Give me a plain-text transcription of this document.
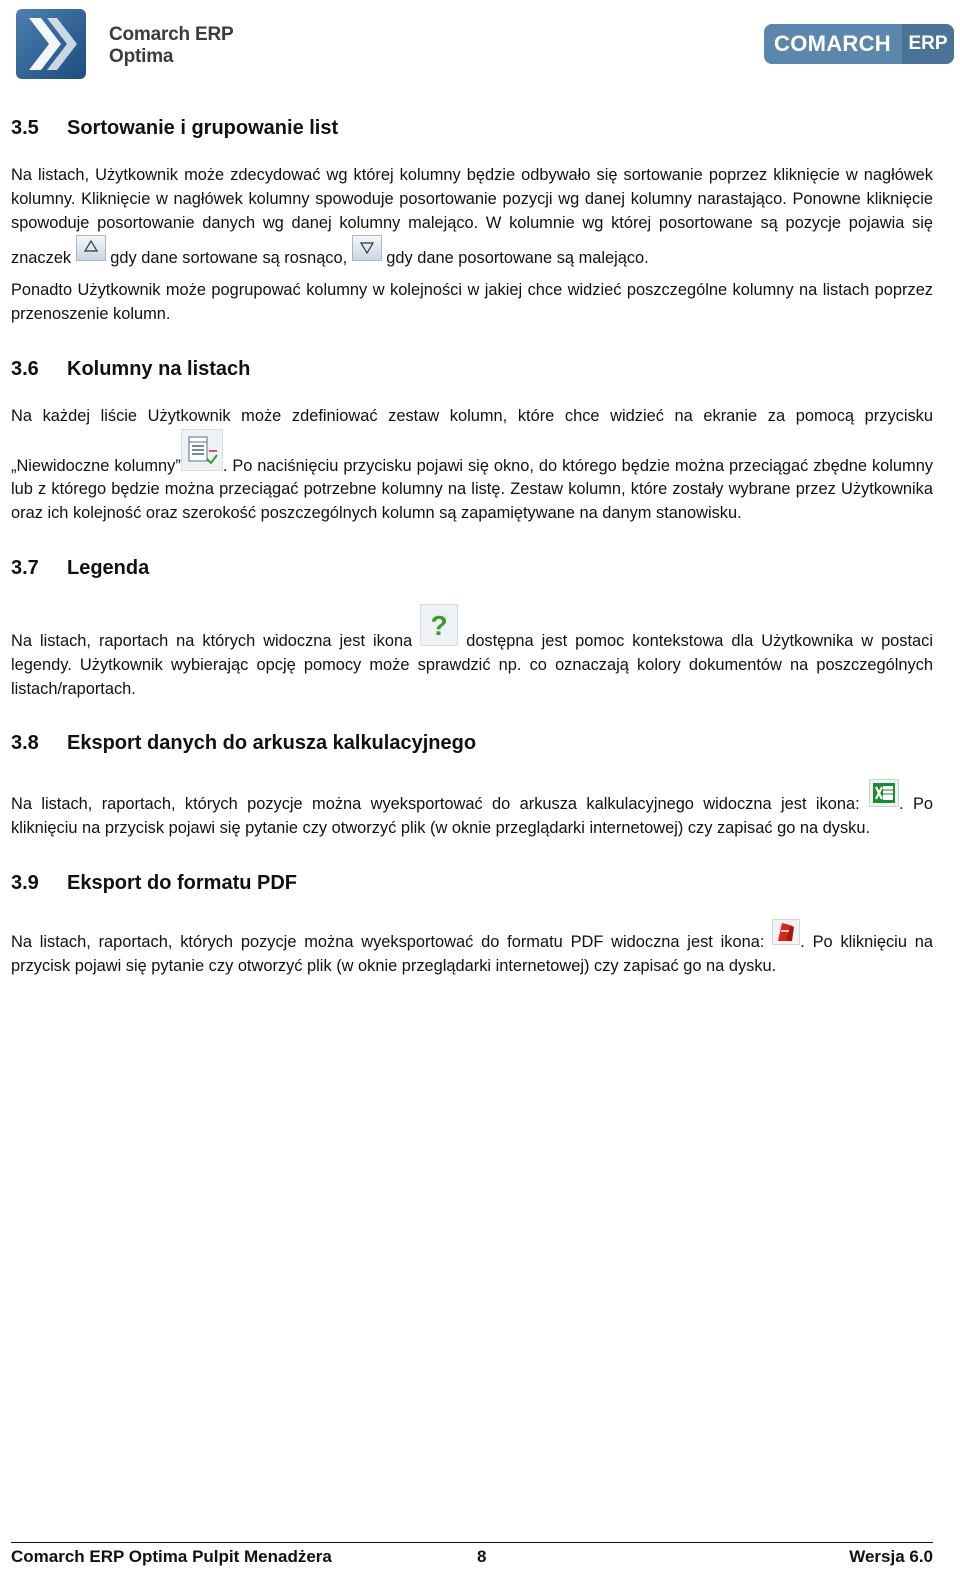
Comarch ERP
Optima
COMARCH ERP
3.5 Sortowanie i grupowanie list

Na listach, Użytkownik może zdecydować wg której kolumny będzie odbywało się sortowanie poprzez kliknięcie w nagłówek kolumny. Kliknięcie w nagłówek kolumny spowoduje posortowanie pozycji wg danej kolumny narastająco. Ponowne kliknięcie spowoduje posortowanie danych wg danej kolumny malejąco. W kolumnie wg której posortowane są pozycje pojawia się znaczek gdy dane sortowane są rosnąco, gdy dane posortowane są malejąco.

Ponadto Użytkownik może pogrupować kolumny w kolejności w jakiej chce widzieć poszczególne kolumny na listach poprzez przenoszenie kolumn.

3.6 Kolumny na listach

Na każdej liście Użytkownik może zdefiniować zestaw kolumn, które chce widzieć na ekranie za pomocą przycisku „Niewidoczne kolumny”	. Po naciśnięciu przycisku pojawi się okno, do którego będzie można przeciągać zbędne kolumny lub z którego będzie można przeciągać potrzebne kolumny na listę. Zestaw kolumn, które zostały wybrane przez Użytkownika oraz ich kolejność oraz szerokość poszczególnych kolumn są zapamiętywane na danym stanowisku.

3.7 Legenda

Na listach, raportach na których widoczna jest ikona ? dostępna jest pomoc kontekstowa dla Użytkownika w postaci legendy. Użytkownik wybierając opcję pomocy może sprawdzić np. co oznaczają kolory dokumentów na poszczególnych listach/raportach.

3.8 Eksport danych do arkusza kalkulacyjnego

Na listach, raportach, których pozycje można wyeksportować do arkusza kalkulacyjnego widoczna jest ikona: . Po kliknięciu na przycisk pojawi się pytanie czy otworzyć plik (w oknie przeglądarki internetowej) czy zapisać go na dysku.

3.9 Eksport do formatu PDF

Na listach, raportach, których pozycje można wyeksportować do formatu PDF widoczna jest ikona: . Po kliknięciu na przycisk pojawi się pytanie czy otworzyć plik (w oknie przeglądarki internetowej) czy zapisać go na dysku.

Comarch ERP Optima Pulpit Menadżera	8	Wersja 6.0
